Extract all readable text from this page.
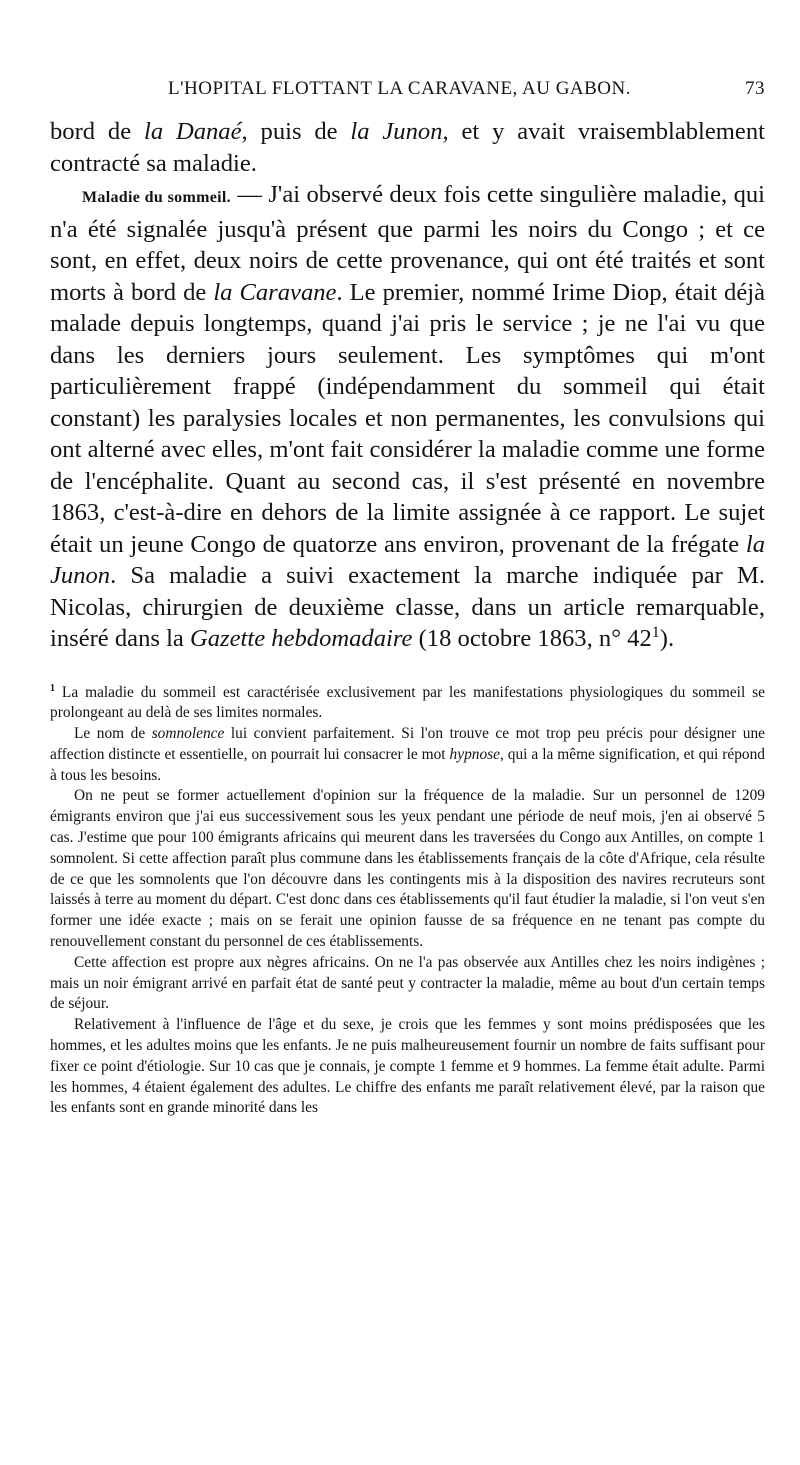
L'HOPITAL FLOTTANT LA CARAVANE, AU GABON.	73

bord de la Danaé, puis de la Junon, et y avait vraisemblablement contracté sa maladie.

Maladie du sommeil. — J'ai observé deux fois cette singulière maladie, qui n'a été signalée jusqu'à présent que parmi les noirs du Congo ; et ce sont, en effet, deux noirs de cette provenance, qui ont été traités et sont morts à bord de la Caravane. Le premier, nommé Irime Diop, était déjà malade depuis longtemps, quand j'ai pris le service ; je ne l'ai vu que dans les derniers jours seulement. Les symptômes qui m'ont particulièrement frappé (indépendamment du sommeil qui était constant) les paralysies locales et non permanentes, les convulsions qui ont alterné avec elles, m'ont fait considérer la maladie comme une forme de l'encéphalite. Quant au second cas, il s'est présenté en novembre 1863, c'est-à-dire en dehors de la limite assignée à ce rapport. Le sujet était un jeune Congo de quatorze ans environ, provenant de la frégate la Junon. Sa maladie a suivi exactement la marche indiquée par M. Nicolas, chirurgien de deuxième classe, dans un article remarquable, inséré dans la Gazette hebdomadaire (18 octobre 1863, n° $42^1$).

$^1$ La maladie du sommeil est caractérisée exclusivement par les manifestations physiologiques du sommeil se prolongeant au delà de ses limites normales.

Le nom de somnolence lui convient parfaitement. Si l'on trouve ce mot trop peu précis pour désigner une affection distincte et essentielle, on pourrait lui consacrer le mot hypnose, qui a la même signification, et qui répond à tous les besoins.

On ne peut se former actuellement d'opinion sur la fréquence de la maladie. Sur un personnel de 1209 émigrants environ que j'ai eus successivement sous les yeux pendant une période de neuf mois, j'en ai observé 5 cas. J'estime que pour 100 émigrants africains qui meurent dans les traversées du Congo aux Antilles, on compte 1 somnolent. Si cette affection paraît plus commune dans les établissements français de la côte d'Afrique, cela résulte de ce que les somnolents que l'on découvre dans les contingents mis à la disposition des navires recruteurs sont laissés à terre au moment du départ. C'est donc dans ces établissements qu'il faut étudier la maladie, si l'on veut s'en former une idée exacte ; mais on se ferait une opinion fausse de sa fréquence en ne tenant pas compte du renouvellement constant du personnel de ces établissements.

Cette affection est propre aux nègres africains. On ne l'a pas observée aux Antilles chez les noirs indigènes ; mais un noir émigrant arrivé en parfait état de santé peut y contracter la maladie, même au bout d'un certain temps de séjour.

Relativement à l'influence de l'âge et du sexe, je crois que les femmes y sont moins prédisposées que les hommes, et les adultes moins que les enfants. Je ne puis malheureusement fournir un nombre de faits suffisant pour fixer ce point d'étiologie. Sur 10 cas que je connais, je compte 1 femme et 9 hommes. La femme était adulte. Parmi les hommes, 4 étaient également des adultes. Le chiffre des enfants me paraît relativement élevé, par la raison que les enfants sont en grande minorité dans les
